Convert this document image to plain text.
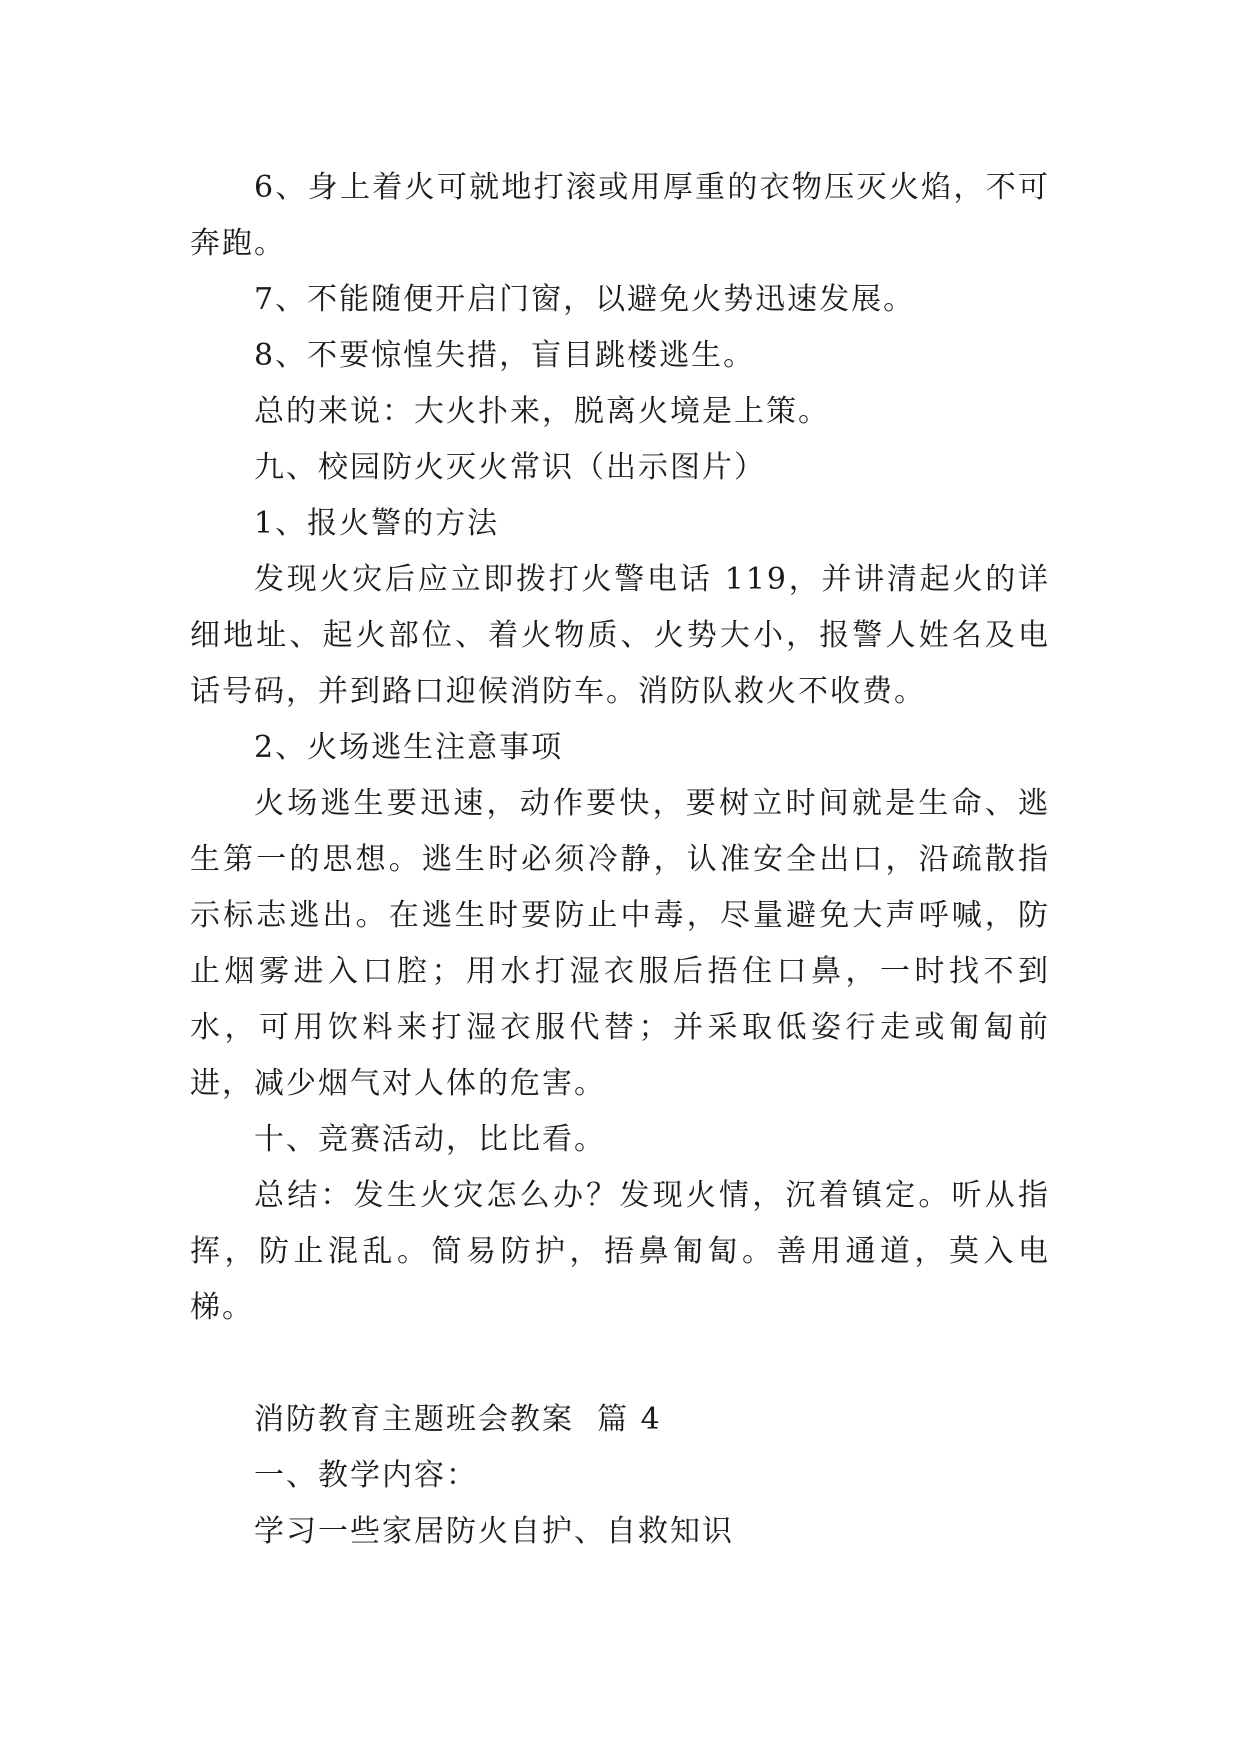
6、身上着火可就地打滚或用厚重的衣物压灭火焰，不可奔跑。

7、不能随便开启门窗，以避免火势迅速发展。

8、不要惊惶失措，盲目跳楼逃生。

总的来说：大火扑来，脱离火境是上策。

九、校园防火灭火常识（出示图片）

1、报火警的方法

发现火灾后应立即拨打火警电话 119，并讲清起火的详细地址、起火部位、着火物质、火势大小，报警人姓名及电话号码，并到路口迎候消防车。消防队救火不收费。

2、火场逃生注意事项

火场逃生要迅速，动作要快，要树立时间就是生命、逃生第一的思想。逃生时必须冷静，认准安全出口，沿疏散指示标志逃出。在逃生时要防止中毒，尽量避免大声呼喊，防止烟雾进入口腔；用水打湿衣服后捂住口鼻，一时找不到水，可用饮料来打湿衣服代替；并采取低姿行走或匍匐前进，减少烟气对人体的危害。

十、竞赛活动，比比看。

总结：发生火灾怎么办？发现火情，沉着镇定。听从指挥，防止混乱。简易防护，捂鼻匍匐。善用通道，莫入电梯。

消防教育主题班会教案  篇 4

一、教学内容：

学习一些家居防火自护、自救知识
